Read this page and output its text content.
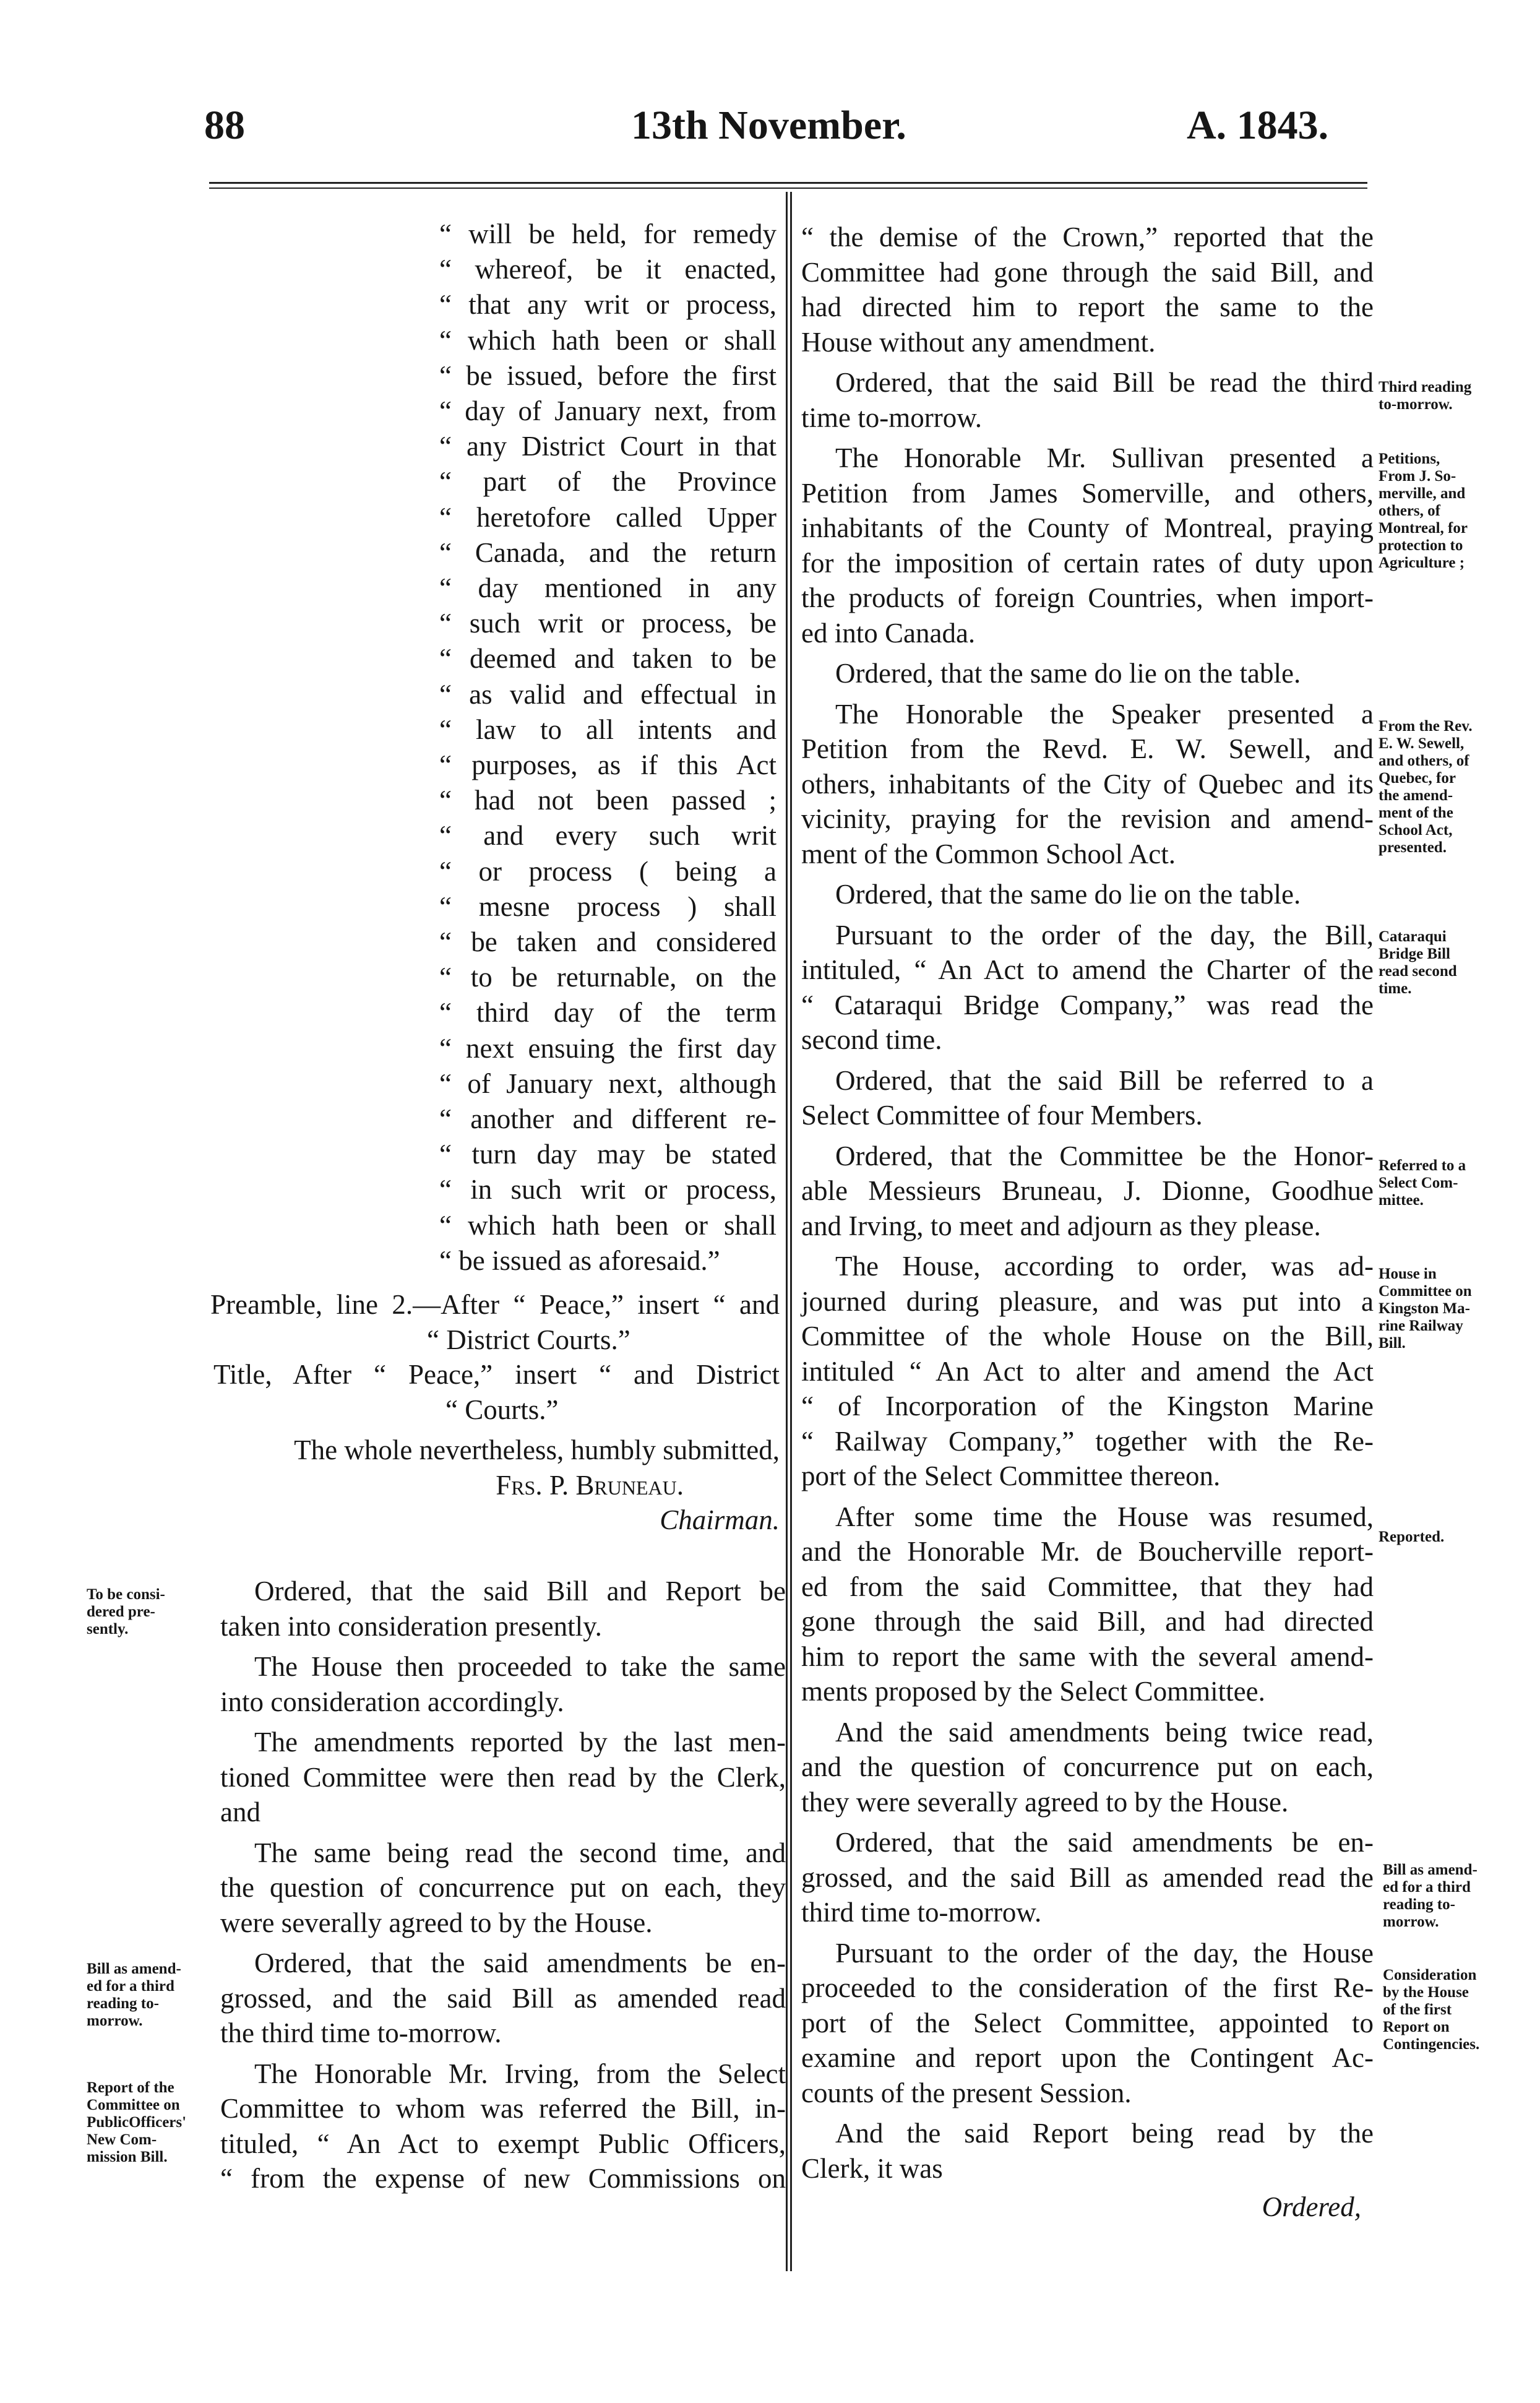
88	13th November.	A. 1843.

“ will be held, for remedy

“ whereof, be it enacted,

“ that any writ or process,

“ which hath been or shall

“ be issued, before the first

“ day of January next, from

“ any District Court in that

“ part of the Province

“ heretofore called Upper

“ Canada, and the return

“ day mentioned in any

“ such writ or process, be

“ deemed and taken to be

“ as valid and effectual in

“ law to all intents and

“ purposes, as if this Act

“ had not been passed ;

“ and every such writ

“ or process ( being a

“ mesne process ) shall

“ be taken and considered

“ to be returnable, on the

“ third day of the term

“ next ensuing the first day

“ of January next, although

“ another and different re-

“ turn day may be stated

“ in such writ or process,

“ which hath been or shall

“ be issued as aforesaid.”

Preamble, line 2.—After “ Peace,” insert “ and

“ District Courts.”

Title, After “ Peace,” insert “ and District

“ Courts.”

The whole nevertheless, humbly submitted,

Frs. P. Bruneau.

Chairman.

Ordered, that the said Bill and Report be

taken into consideration presently.

The House then proceeded to take the same

into consideration accordingly.

The amendments reported by the last men-

tioned Committee were then read by the Clerk,

and

The same being read the second time, and

the question of concurrence put on each, they

were severally agreed to by the House.

Ordered, that the said amendments be en-

grossed, and the said Bill as amended read

the third time to-morrow.

The Honorable Mr. Irving, from the Select

Committee to whom was referred the Bill, in-

tituled, “ An Act to exempt Public Officers,

“ from the expense of new Commissions on

To be consi-
dered pre-
sently.
Bill as amend-
ed for a third
reading to-
morrow.
Report of the
Committee on
PublicOfficers'
New Com-
mission Bill.

“ the demise of the Crown,” reported that the

Committee had gone through the said Bill, and

had directed him to report the same to the

House without any amendment.

Ordered, that the said Bill be read the third

time to-morrow.

The Honorable Mr. Sullivan presented a

Petition from James Somerville, and others,

inhabitants of the County of Montreal, praying

for the imposition of certain rates of duty upon

the products of foreign Countries, when import-

ed into Canada.

Ordered, that the same do lie on the table.

The Honorable the Speaker presented a

Petition from the Revd. E. W. Sewell, and

others, inhabitants of the City of Quebec and its

vicinity, praying for the revision and amend-

ment of the Common School Act.

Ordered, that the same do lie on the table.

Pursuant to the order of the day, the Bill,

intituled, “ An Act to amend the Charter of the

“ Cataraqui Bridge Company,” was read the

second time.

Ordered, that the said Bill be referred to a

Select Committee of four Members.

Ordered, that the Committee be the Honor-

able Messieurs Bruneau, J. Dionne, Goodhue

and Irving, to meet and adjourn as they please.

The House, according to order, was ad-

journed during pleasure, and was put into a

Committee of the whole House on the Bill,

intituled “ An Act to alter and amend the Act

“ of Incorporation of the Kingston Marine

“ Railway Company,” together with the Re-

port of the Select Committee thereon.

After some time the House was resumed,

and the Honorable Mr. de Boucherville report-

ed from the said Committee, that they had

gone through the said Bill, and had directed

him to report the same with the several amend-

ments proposed by the Select Committee.

And the said amendments being twice read,

and the question of concurrence put on each,

they were severally agreed to by the House.

Ordered, that the said amendments be en-

grossed, and the said Bill as amended read the

third time to-morrow.

Pursuant to the order of the day, the House

proceeded to the consideration of the first Re-

port of the Select Committee, appointed to

examine and report upon the Contingent Ac-

counts of the present Session.

And the said Report being read by the

Clerk, it was

Ordered,

Third reading
to-morrow.
Petitions,
From J. So-
merville, and
others, of
Montreal, for
protection to
Agriculture ;
From the Rev.
E. W. Sewell,
and others, of
Quebec, for
the amend-
ment of the
School Act,
presented.
Cataraqui
Bridge Bill
read second
time.
Referred to a
Select Com-
mittee.
House in
Committee on
Kingston Ma-
rine Railway
Bill.
Reported.
Bill as amend-
ed for a third
reading to-
morrow.
Consideration
by the House
of the first
Report on
Contingencies.
